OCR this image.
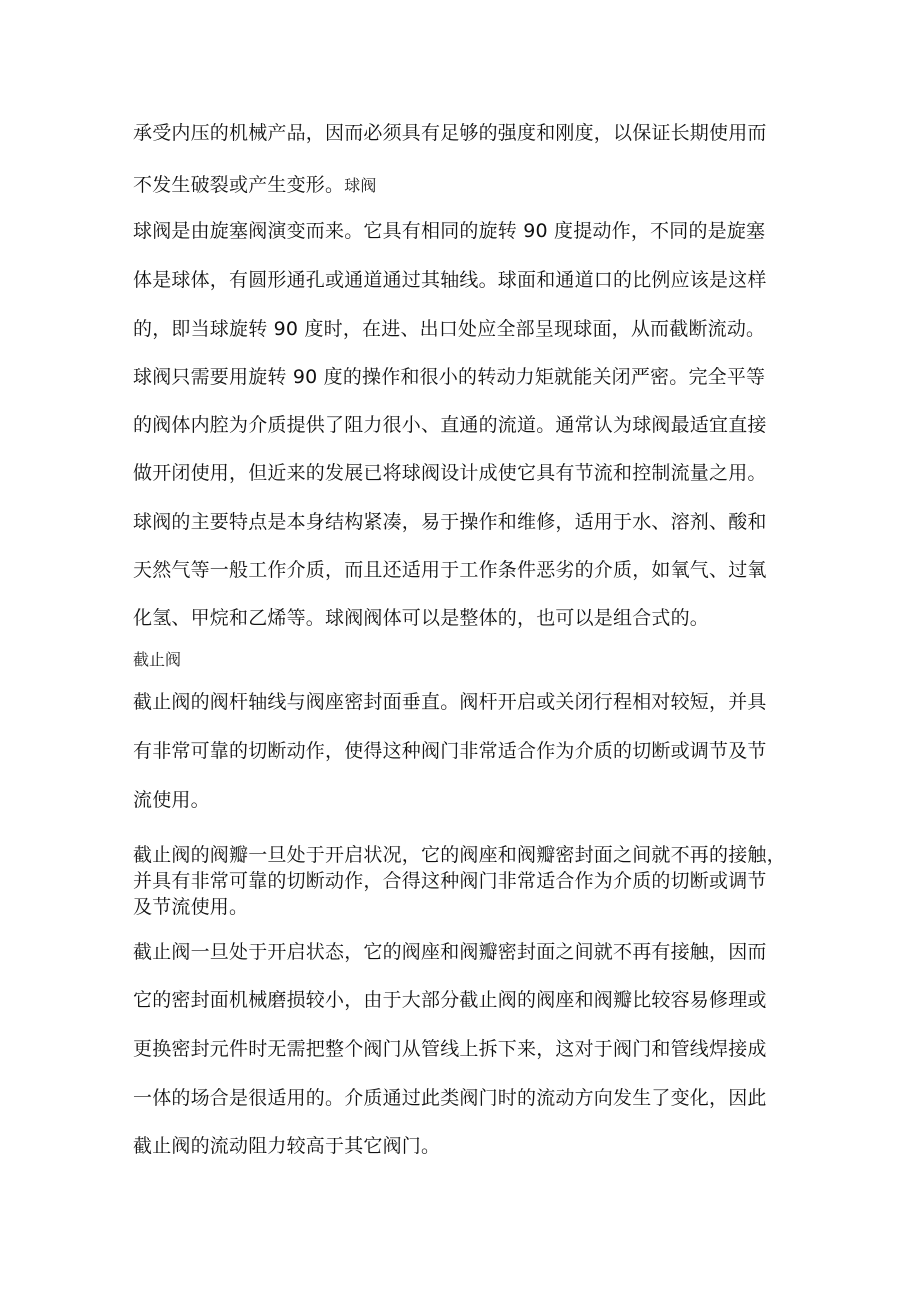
承受内压的机械产品，因而必须具有足够的强度和刚度，以保证长期使用而
不发生破裂或产生变形。球阀
球阀是由旋塞阀演变而来。它具有相同的旋转 90 度提动作，不同的是旋塞
体是球体，有圆形通孔或通道通过其轴线。球面和通道口的比例应该是这样
的，即当球旋转 90 度时，在进、出口处应全部呈现球面，从而截断流动。
球阀只需要用旋转 90 度的操作和很小的转动力矩就能关闭严密。完全平等
的阀体内腔为介质提供了阻力很小、直通的流道。通常认为球阀最适宜直接
做开闭使用，但近来的发展已将球阀设计成使它具有节流和控制流量之用。
球阀的主要特点是本身结构紧凑，易于操作和维修，适用于水、溶剂、酸和
天然气等一般工作介质，而且还适用于工作条件恶劣的介质，如氧气、过氧
化氢、甲烷和乙烯等。球阀阀体可以是整体的，也可以是组合式的。
截止阀
截止阀的阀杆轴线与阀座密封面垂直。阀杆开启或关闭行程相对较短，并具
有非常可靠的切断动作，使得这种阀门非常适合作为介质的切断或调节及节
流使用。
截止阀的阀瓣一旦处于开启状况，它的阀座和阀瓣密封面之间就不再的接触，
并具有非常可靠的切断动作，合得这种阀门非常适合作为介质的切断或调节
及节流使用。
截止阀一旦处于开启状态，它的阀座和阀瓣密封面之间就不再有接触，因而
它的密封面机械磨损较小，由于大部分截止阀的阀座和阀瓣比较容易修理或
更换密封元件时无需把整个阀门从管线上拆下来，这对于阀门和管线焊接成
一体的场合是很适用的。介质通过此类阀门时的流动方向发生了变化，因此
截止阀的流动阻力较高于其它阀门。
